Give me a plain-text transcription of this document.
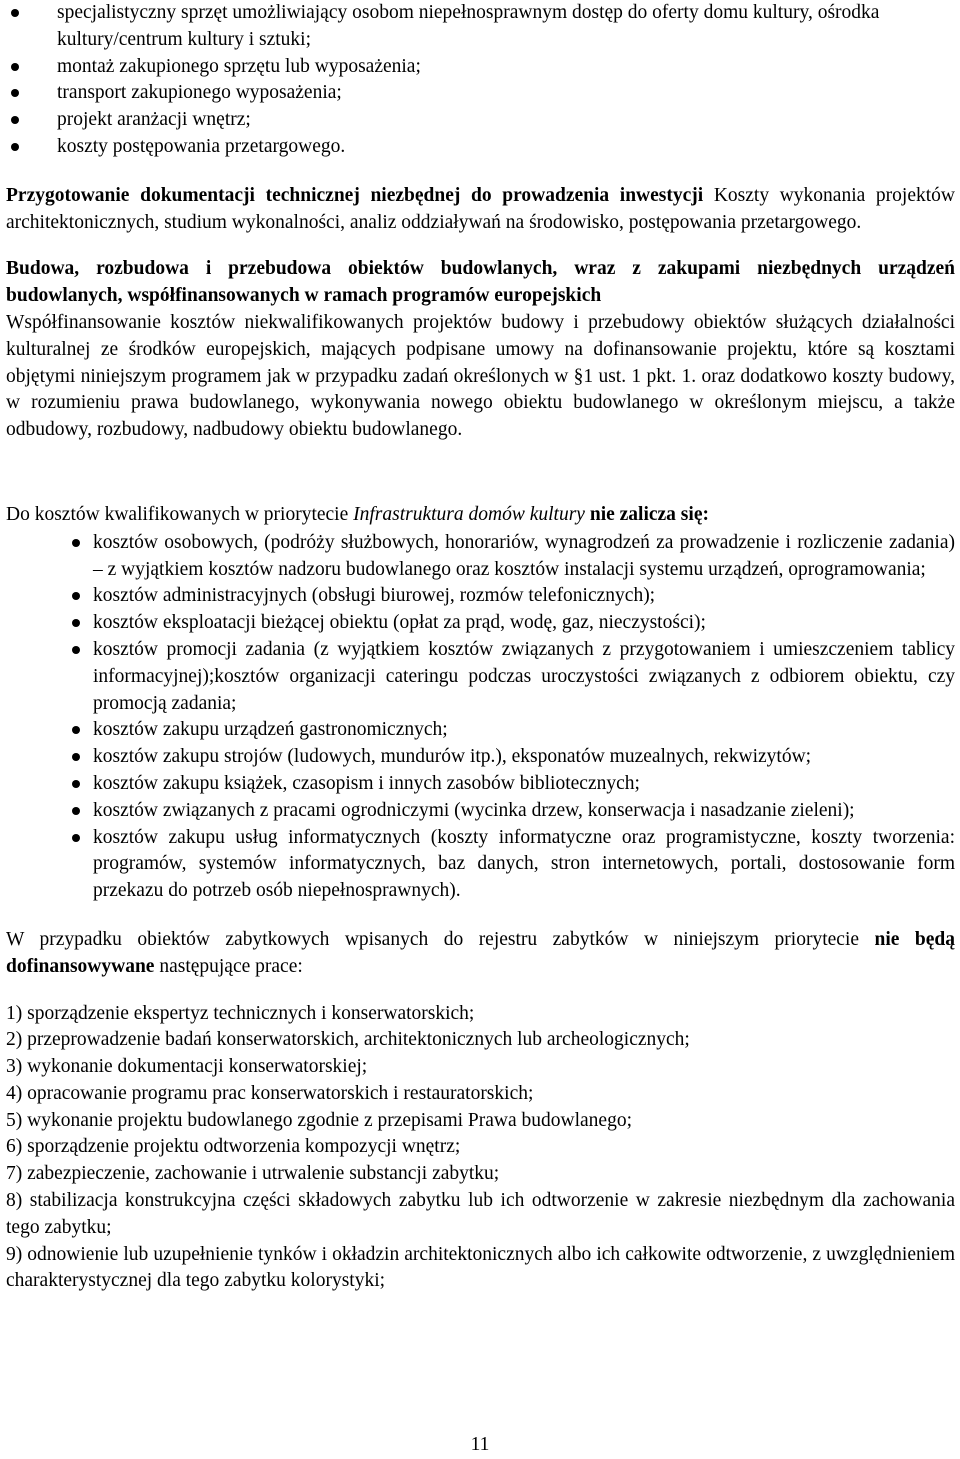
specjalistyczny sprzęt umożliwiający osobom niepełnosprawnym dostęp do oferty domu kultury, ośrodka kultury/centrum kultury i sztuki;
montaż zakupionego sprzętu lub wyposażenia;
transport zakupionego wyposażenia;
projekt aranżacji wnętrz;
koszty postępowania przetargowego.

Przygotowanie dokumentacji technicznej niezbędnej do prowadzenia inwestycji Koszty wykonania projektów architektonicznych, studium wykonalności, analiz oddziaływań na środowisko, postępowania przetargowego.

Budowa, rozbudowa i przebudowa obiektów budowlanych, wraz z zakupami niezbędnych urządzeń budowlanych, współfinansowanych w ramach programów europejskich

Współfinansowanie kosztów niekwalifikowanych projektów budowy i przebudowy obiektów służących działalności kulturalnej ze środków europejskich, mających podpisane umowy na dofinansowanie projektu, które są kosztami objętymi niniejszym programem jak w przypadku zadań określonych w §1 ust. 1 pkt. 1. oraz dodatkowo koszty budowy, w rozumieniu prawa budowlanego, wykonywania nowego obiektu budowlanego w określonym miejscu, a także odbudowy, rozbudowy, nadbudowy obiektu budowlanego.

Do kosztów kwalifikowanych w priorytecie Infrastruktura domów kultury nie zalicza się:

kosztów osobowych, (podróży służbowych, honorariów, wynagrodzeń za prowadzenie i rozliczenie zadania) – z wyjątkiem kosztów nadzoru budowlanego oraz kosztów instalacji systemu urządzeń, oprogramowania;
kosztów administracyjnych (obsługi biurowej, rozmów telefonicznych);
kosztów eksploatacji bieżącej obiektu (opłat za prąd, wodę, gaz, nieczystości);
kosztów promocji zadania (z wyjątkiem kosztów związanych z przygotowaniem i umieszczeniem tablicy informacyjnej);kosztów organizacji cateringu podczas uroczystości związanych z odbiorem obiektu, czy promocją zadania;
kosztów zakupu urządzeń gastronomicznych;
kosztów zakupu strojów (ludowych, mundurów itp.), eksponatów muzealnych, rekwizytów;
kosztów zakupu książek, czasopism i innych zasobów bibliotecznych;
kosztów związanych z pracami ogrodniczymi (wycinka drzew, konserwacja i nasadzanie zieleni);
kosztów zakupu usług informatycznych (koszty informatyczne oraz programistyczne, koszty tworzenia: programów, systemów informatycznych, baz danych, stron internetowych, portali, dostosowanie form przekazu do potrzeb osób niepełnosprawnych).

W przypadku obiektów zabytkowych wpisanych do rejestru zabytków w niniejszym priorytecie nie będą dofinansowywane następujące prace:

1) sporządzenie ekspertyz technicznych i konserwatorskich;
2) przeprowadzenie badań konserwatorskich, architektonicznych lub archeologicznych;
3) wykonanie dokumentacji konserwatorskiej;
4) opracowanie programu prac konserwatorskich i restauratorskich;
5) wykonanie projektu budowlanego zgodnie z przepisami Prawa budowlanego;
6) sporządzenie projektu odtworzenia kompozycji wnętrz;
7) zabezpieczenie, zachowanie i utrwalenie substancji zabytku;
8) stabilizacja konstrukcyjna części składowych zabytku lub ich odtworzenie w zakresie niezbędnym dla zachowania tego zabytku;
9) odnowienie lub uzupełnienie tynków i okładzin architektonicznych albo ich całkowite odtworzenie, z uwzględnieniem charakterystycznej dla tego zabytku kolorystyki;
11
